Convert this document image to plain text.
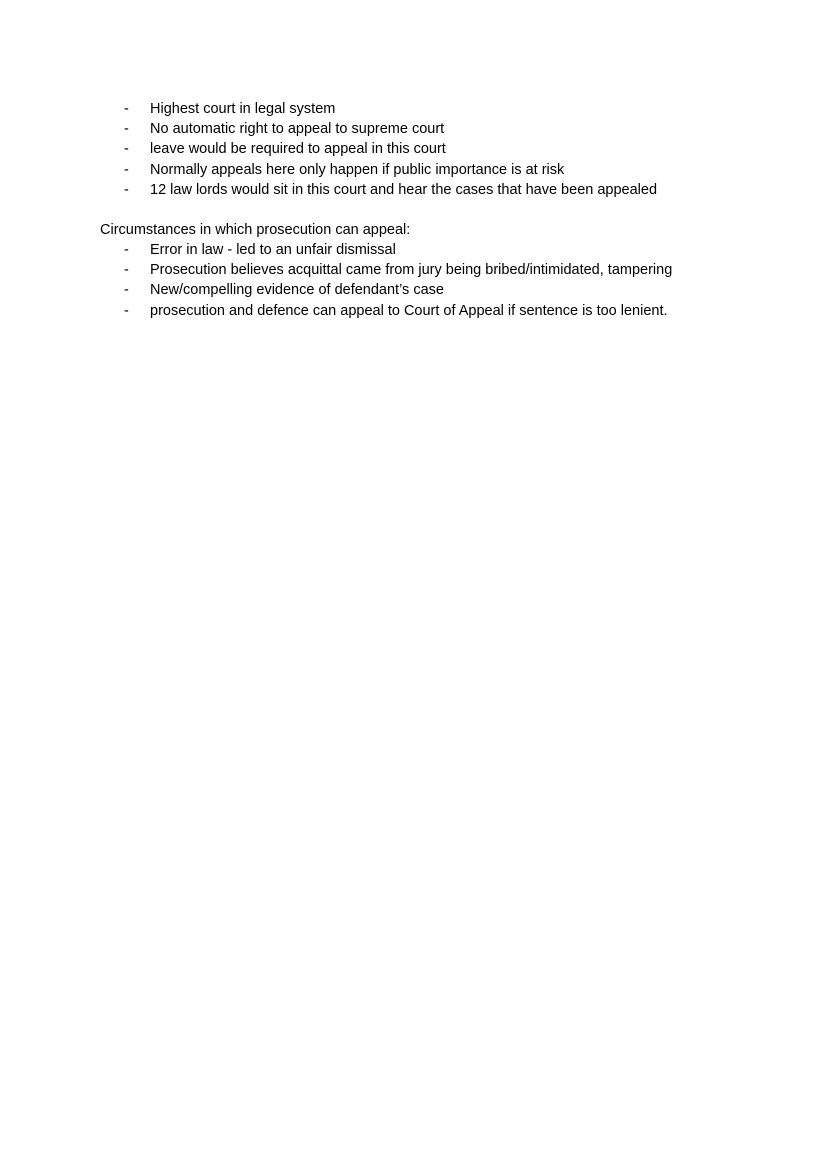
- Highest court in legal system
- No automatic right to appeal to supreme court
- leave would be required to appeal in this court
- Normally appeals here only happen if public importance is at risk
- 12 law lords would sit in this court and hear the cases that have been appealed

Circumstances in which prosecution can appeal:

- Error in law - led to an unfair dismissal
- Prosecution believes acquittal came from jury being bribed/intimidated, tampering
- New/compelling evidence of defendant’s case
- prosecution and defence can appeal to Court of Appeal if sentence is too lenient.
